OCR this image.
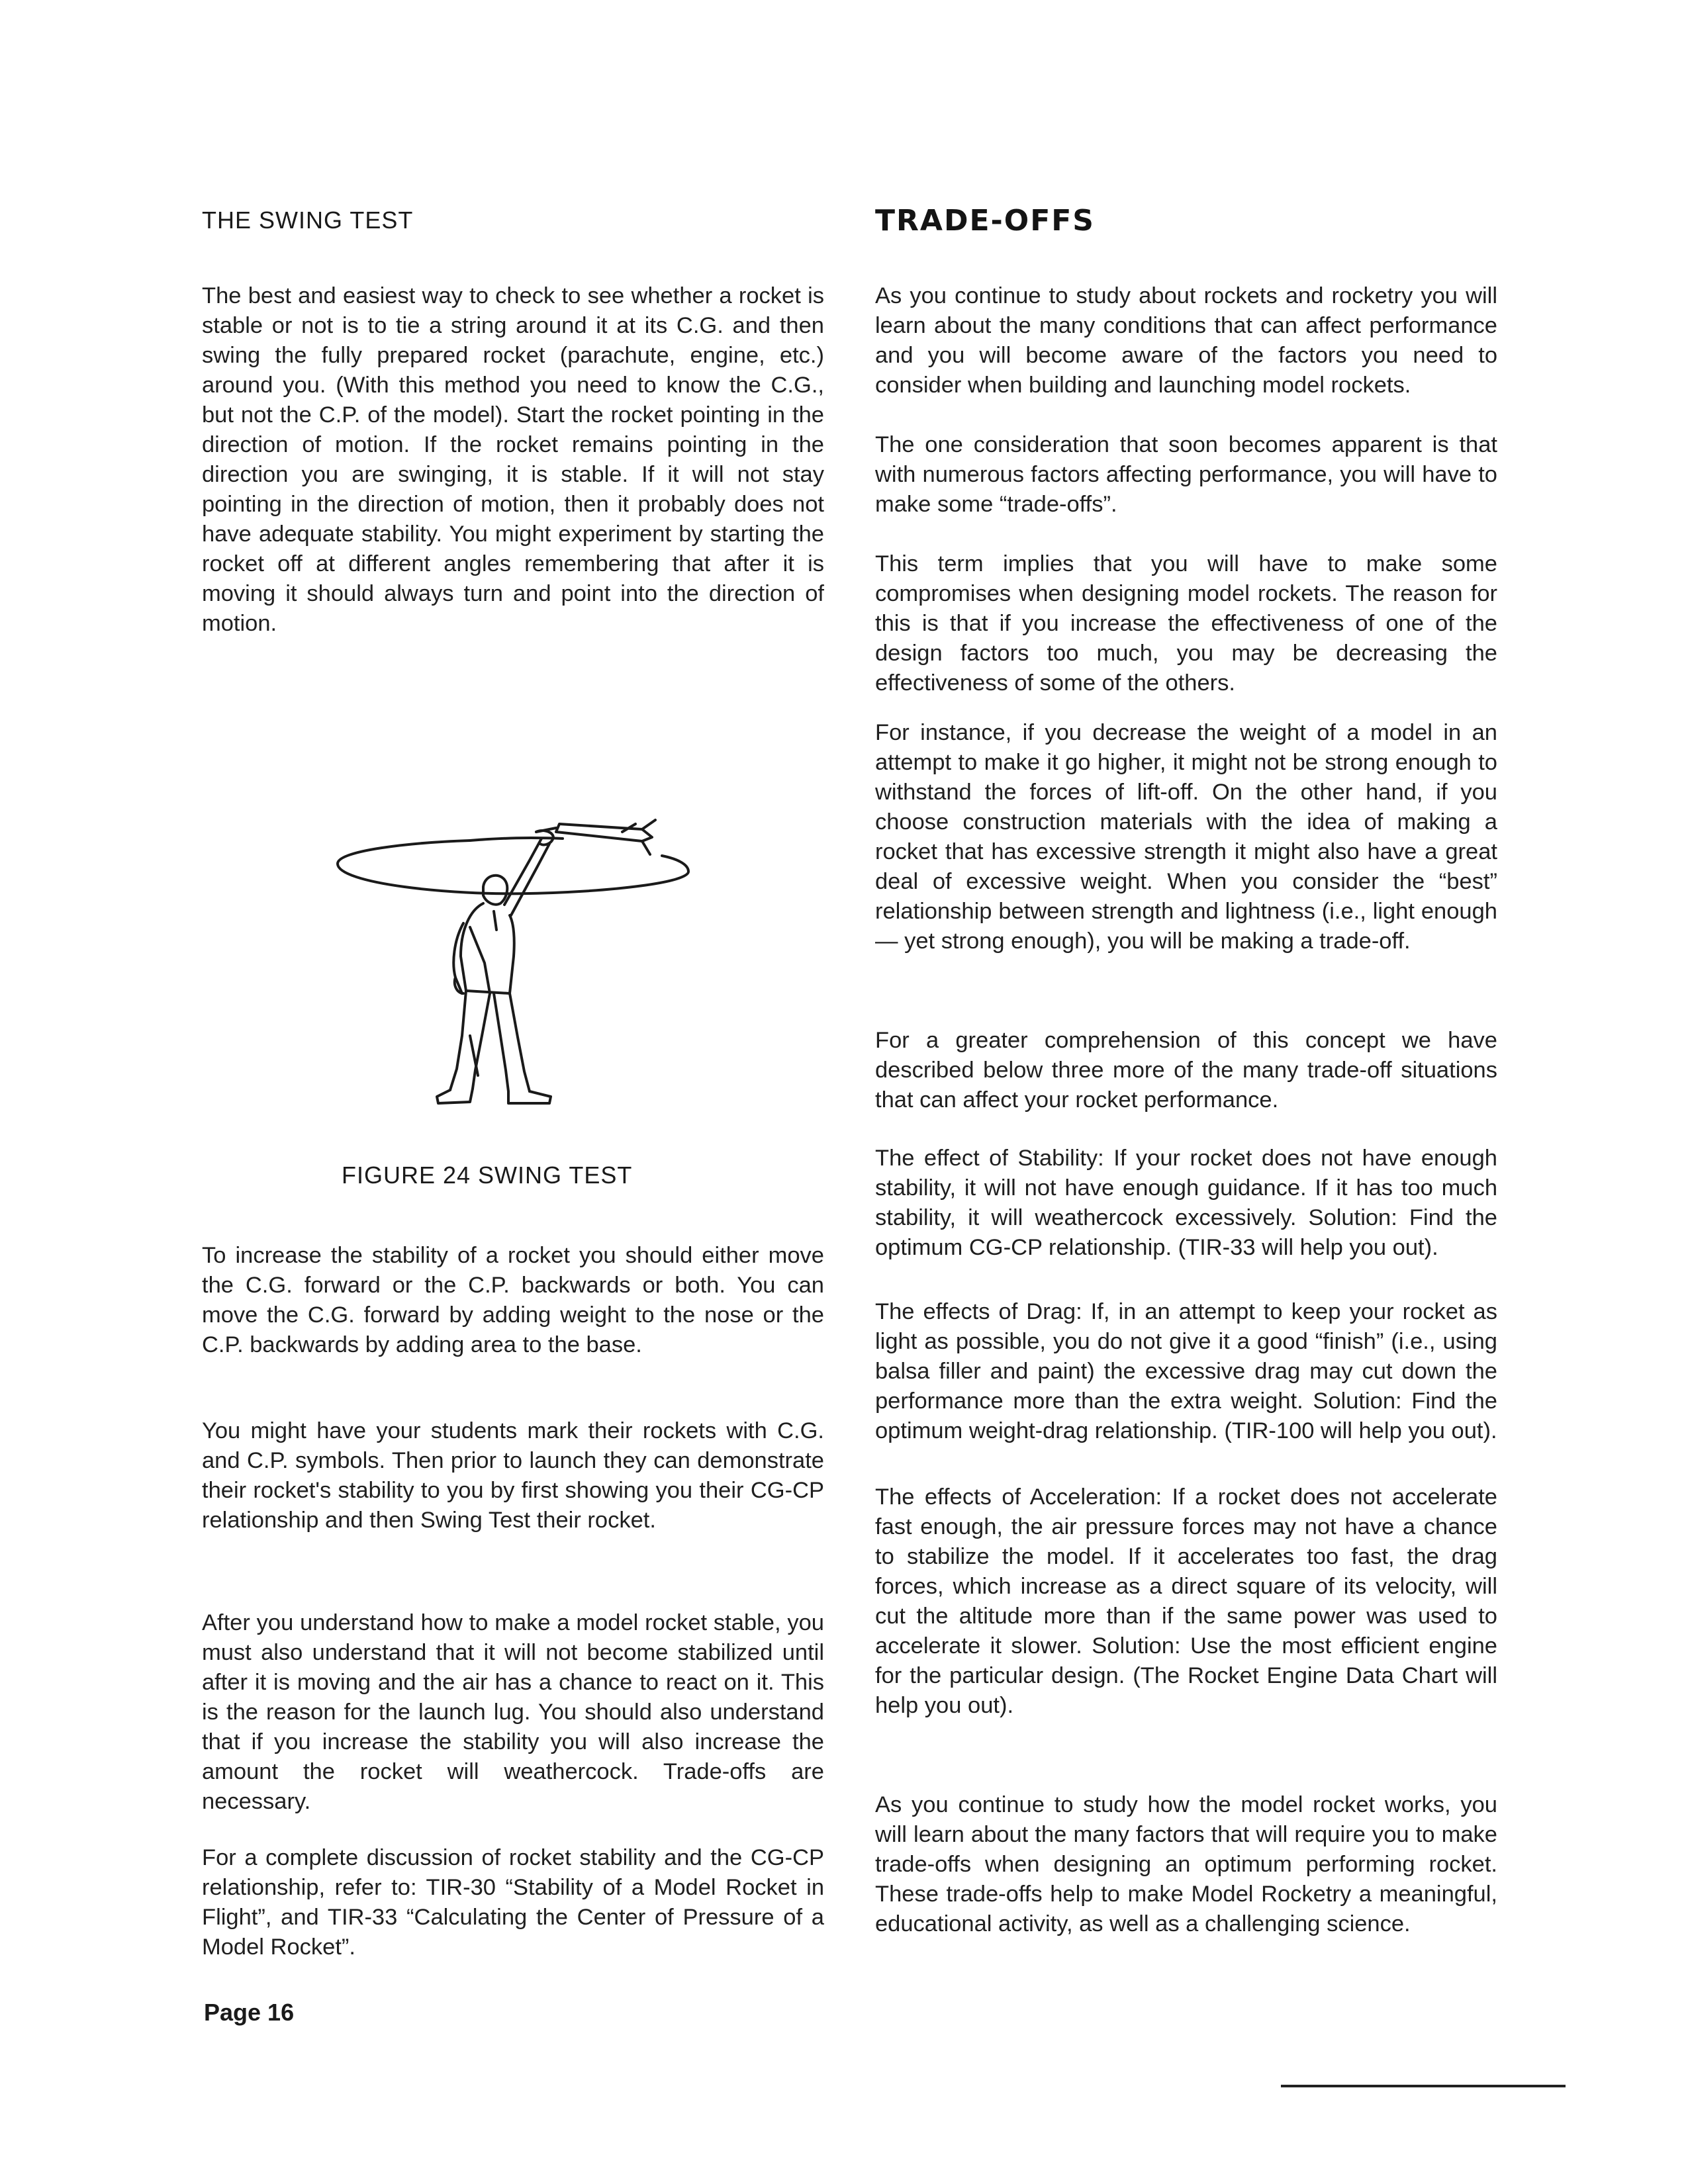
THE SWING TEST

The best and easiest way to check to see whether a rocket is stable or not is to tie a string around it at its C.G. and then swing the fully prepared rocket (parachute, engine, etc.) around you. (With this method you need to know the C.G., but not the C.P. of the model). Start the rocket pointing in the direction of motion. If the rocket remains pointing in the direction you are swinging, it is stable. If it will not stay pointing in the direction of motion, then it probably does not have adequate stability. You might experiment by starting the rocket off at different angles remembering that after it is moving it should always turn and point into the direction of motion.

FIGURE 24 SWING TEST

To increase the stability of a rocket you should either move the C.G. forward or the C.P. backwards or both. You can move the C.G. forward by adding weight to the nose or the C.P. backwards by adding area to the base.

You might have your students mark their rockets with C.G. and C.P. symbols. Then prior to launch they can demonstrate their rocket's stability to you by first showing you their CG-CP relationship and then Swing Test their rocket.

After you understand how to make a model rocket stable, you must also understand that it will not become stabilized until after it is moving and the air has a chance to react on it. This is the reason for the launch lug. You should also understand that if you increase the stability you will also increase the amount the rocket will weathercock. Trade-offs are necessary.

For a complete discussion of rocket stability and the CG-CP relationship, refer to: TIR-30 “Stability of a Model Rocket in Flight”, and TIR-33 “Calculating the Center of Pressure of a Model Rocket”.

TRADE-OFFS

As you continue to study about rockets and rocketry you will learn about the many conditions that can affect performance and you will become aware of the factors you need to consider when building and launching model rockets.

The one consideration that soon becomes apparent is that with numerous factors affecting performance, you will have to make some “trade-offs”.

This term implies that you will have to make some compromises when designing model rockets. The reason for this is that if you increase the effectiveness of one of the design factors too much, you may be decreasing the effectiveness of some of the others.

For instance, if you decrease the weight of a model in an attempt to make it go higher, it might not be strong enough to withstand the forces of lift-off. On the other hand, if you choose construction materials with the idea of making a rocket that has excessive strength it might also have a great deal of excessive weight. When you consider the “best” relationship between strength and lightness (i.e., light enough — yet strong enough), you will be making a trade-off.

For a greater comprehension of this concept we have described below three more of the many trade-off situations that can affect your rocket performance.

The effect of Stability: If your rocket does not have enough stability, it will not have enough guidance. If it has too much stability, it will weathercock excessively. Solution: Find the optimum CG-CP relationship. (TIR-33 will help you out).

The effects of Drag: If, in an attempt to keep your rocket as light as possible, you do not give it a good “finish” (i.e., using balsa filler and paint) the excessive drag may cut down the performance more than the extra weight. Solution: Find the optimum weight-drag relationship. (TIR-100 will help you out).

The effects of Acceleration: If a rocket does not accelerate fast enough, the air pressure forces may not have a chance to stabilize the model. If it accelerates too fast, the drag forces, which increase as a direct square of its velocity, will cut the altitude more than if the same power was used to accelerate it slower. Solution: Use the most efficient engine for the particular design. (The Rocket Engine Data Chart will help you out).

As you continue to study how the model rocket works, you will learn about the many factors that will require you to make trade-offs when designing an optimum performing rocket. These trade-offs help to make Model Rocketry a meaningful, educational activity, as well as a challenging science.

Page 16
